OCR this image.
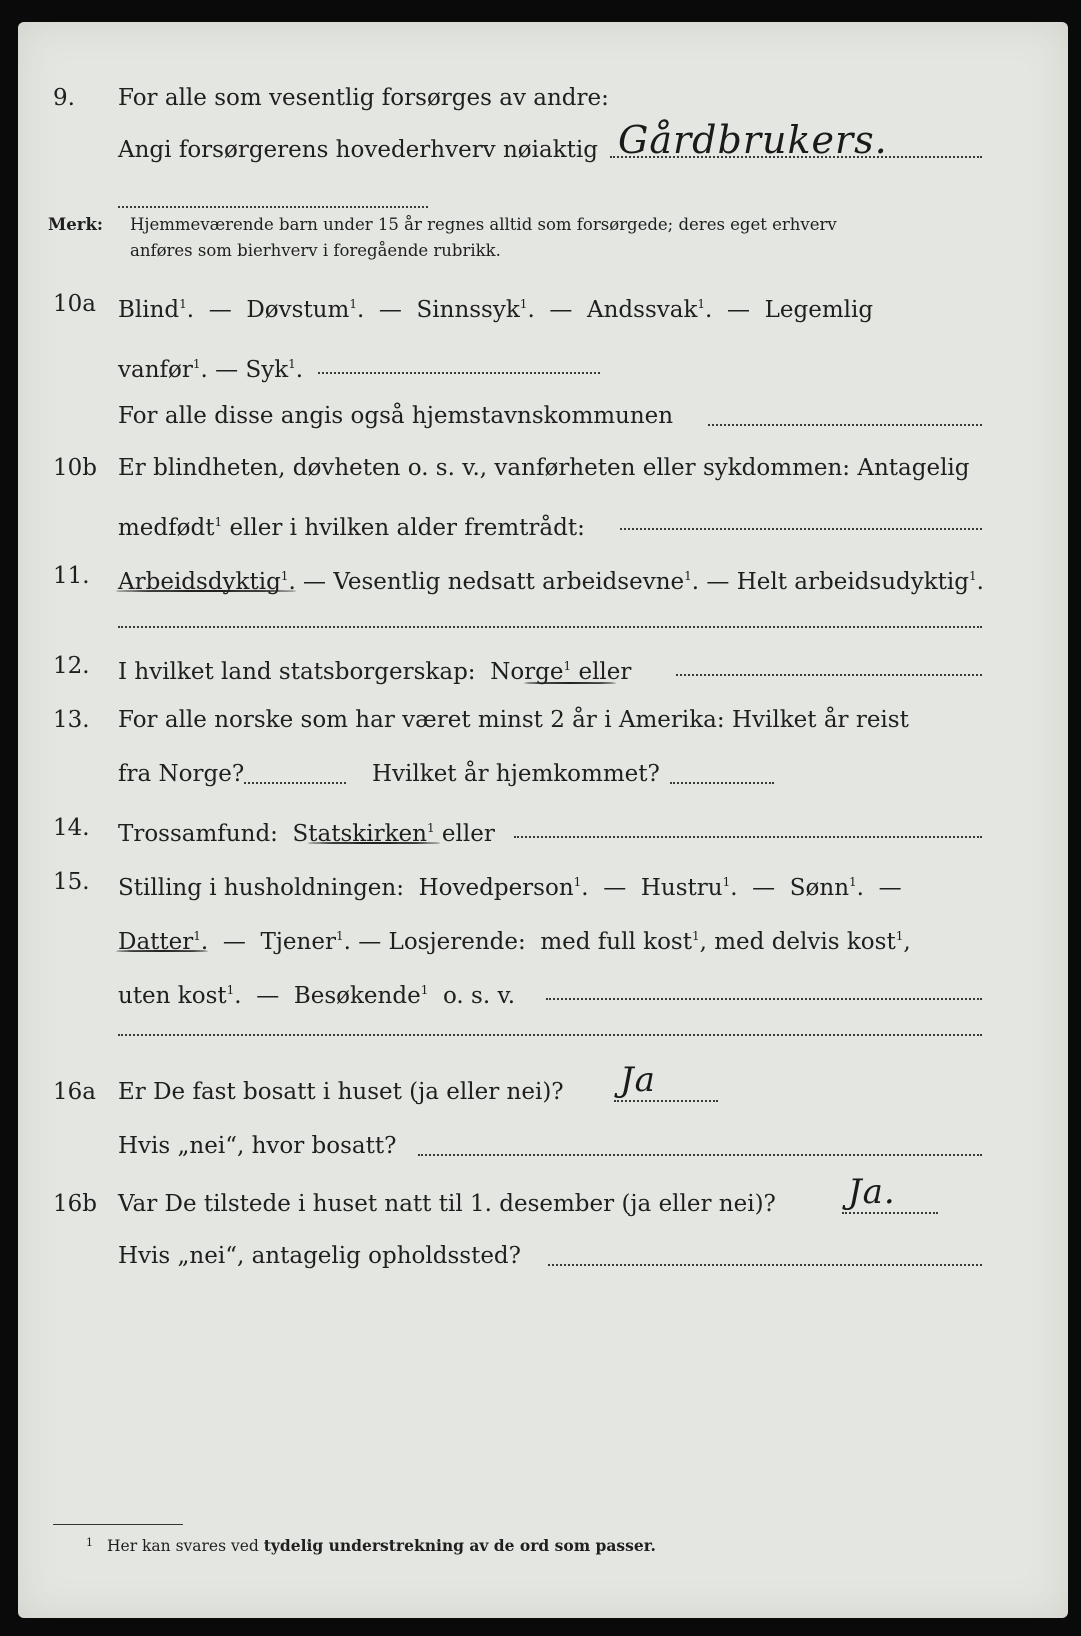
9. For alle som vesentlig forsørges av andre:
Angi forsørgerens hovederhverv nøiaktig Gårdbrukers.
Merk: Hjemmeværende barn under 15 år regnes alltid som forsørgede; deres eget erhverv
anføres som bierhverv i foregående rubrikk.
10a Blind$^1$.  —  Døvstum$^1$.  —  Sinnssyk$^1$.  —  Andssvak$^1$.  —  Legemlig
vanfør$^1$. — Syk$^1$.
For alle disse angis også hjemstavnskommunen
10b Er blindheten, døvheten o. s. v., vanførheten eller sykdommen: Antagelig
medfødt$^1$ eller i hvilken alder fremtrådt:
11. Arbeidsdyktig$^1$. — Vesentlig nedsatt arbeidsevne$^1$. — Helt arbeidsudyktig$^1$.
12. I hvilket land statsborgerskap: Norge$^1$ eller
13. For alle norske som har været minst 2 år i Amerika: Hvilket år reist
fra Norge?	Hvilket år hjemkommet?
14. Trossamfund: Statskirken$^1$ eller
15. Stilling i husholdningen: Hovedperson$^1$.  —  Hustru$^1$.  —  Sønn$^1$.  —
Datter$^1$.  —  Tjener$^1$. — Losjerende: med full kost$^1$, med delvis kost$^1$,
uten kost$^1$.  —  Besøkende$^1$ o. s. v.
16a Er De fast bosatt i huset (ja eller nei)? Ja
Hvis „nei“, hvor bosatt?
16b Var De tilstede i huset natt til 1. desember (ja eller nei)? Ja.
Hvis „nei“, antagelig opholdssted?
$^1$ Her kan svares ved tydelig understrekning av de ord som passer.
